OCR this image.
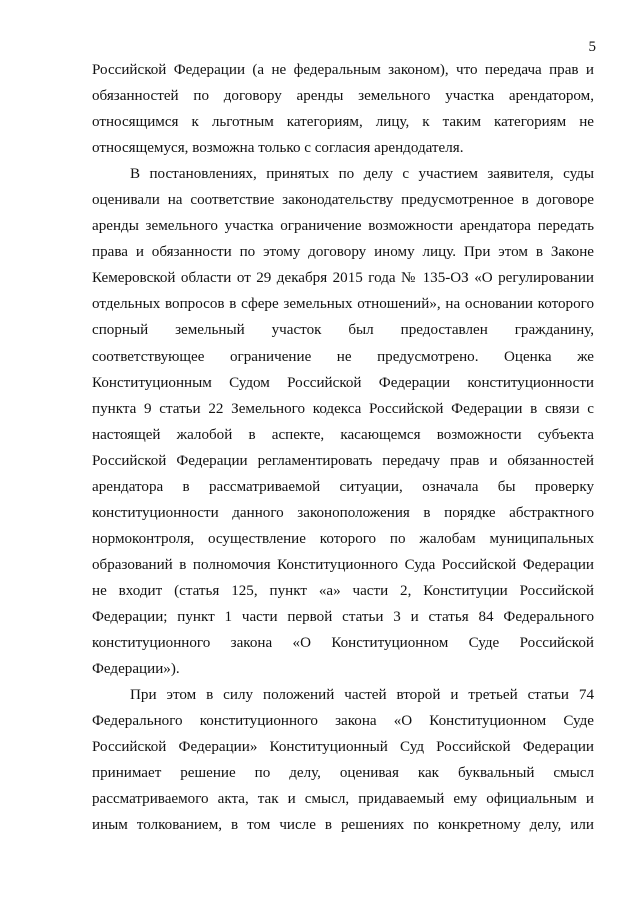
5

Российской Федерации (а не федеральным законом), что передача прав и
обязанностей по договору аренды земельного участка арендатором,
относящимся к льготным категориям, лицу, к таким категориям не
относящемуся, возможна только с согласия арендодателя.

В постановлениях, принятых по делу с участием заявителя, суды
оценивали на соответствие законодательству предусмотренное в договоре
аренды земельного участка ограничение возможности арендатора передать
права и обязанности по этому договору иному лицу. При этом в Законе
Кемеровской области от 29 декабря 2015 года № 135-ОЗ «О регулировании
отдельных вопросов в сфере земельных отношений», на основании которого
спорный земельный участок был предоставлен гражданину,
соответствующее ограничение не предусмотрено. Оценка же
Конституционным Судом Российской Федерации конституционности
пункта 9 статьи 22 Земельного кодекса Российской Федерации в связи с
настоящей жалобой в аспекте, касающемся возможности субъекта
Российской Федерации регламентировать передачу прав и обязанностей
арендатора в рассматриваемой ситуации, означала бы проверку
конституционности данного законоположения в порядке абстрактного
нормоконтроля, осуществление которого по жалобам муниципальных
образований в полномочия Конституционного Суда Российской Федерации
не входит (статья 125, пункт «а» части 2, Конституции Российской
Федерации; пункт 1 части первой статьи 3 и статья 84 Федерального
конституционного закона «О Конституционном Суде Российской
Федерации»).

При этом в силу положений частей второй и третьей статьи 74
Федерального конституционного закона «О Конституционном Суде
Российской Федерации» Конституционный Суд Российской Федерации
принимает решение по делу, оценивая как буквальный смысл
рассматриваемого акта, так и смысл, придаваемый ему официальным и
иным толкованием, в том числе в решениях по конкретному делу, или
